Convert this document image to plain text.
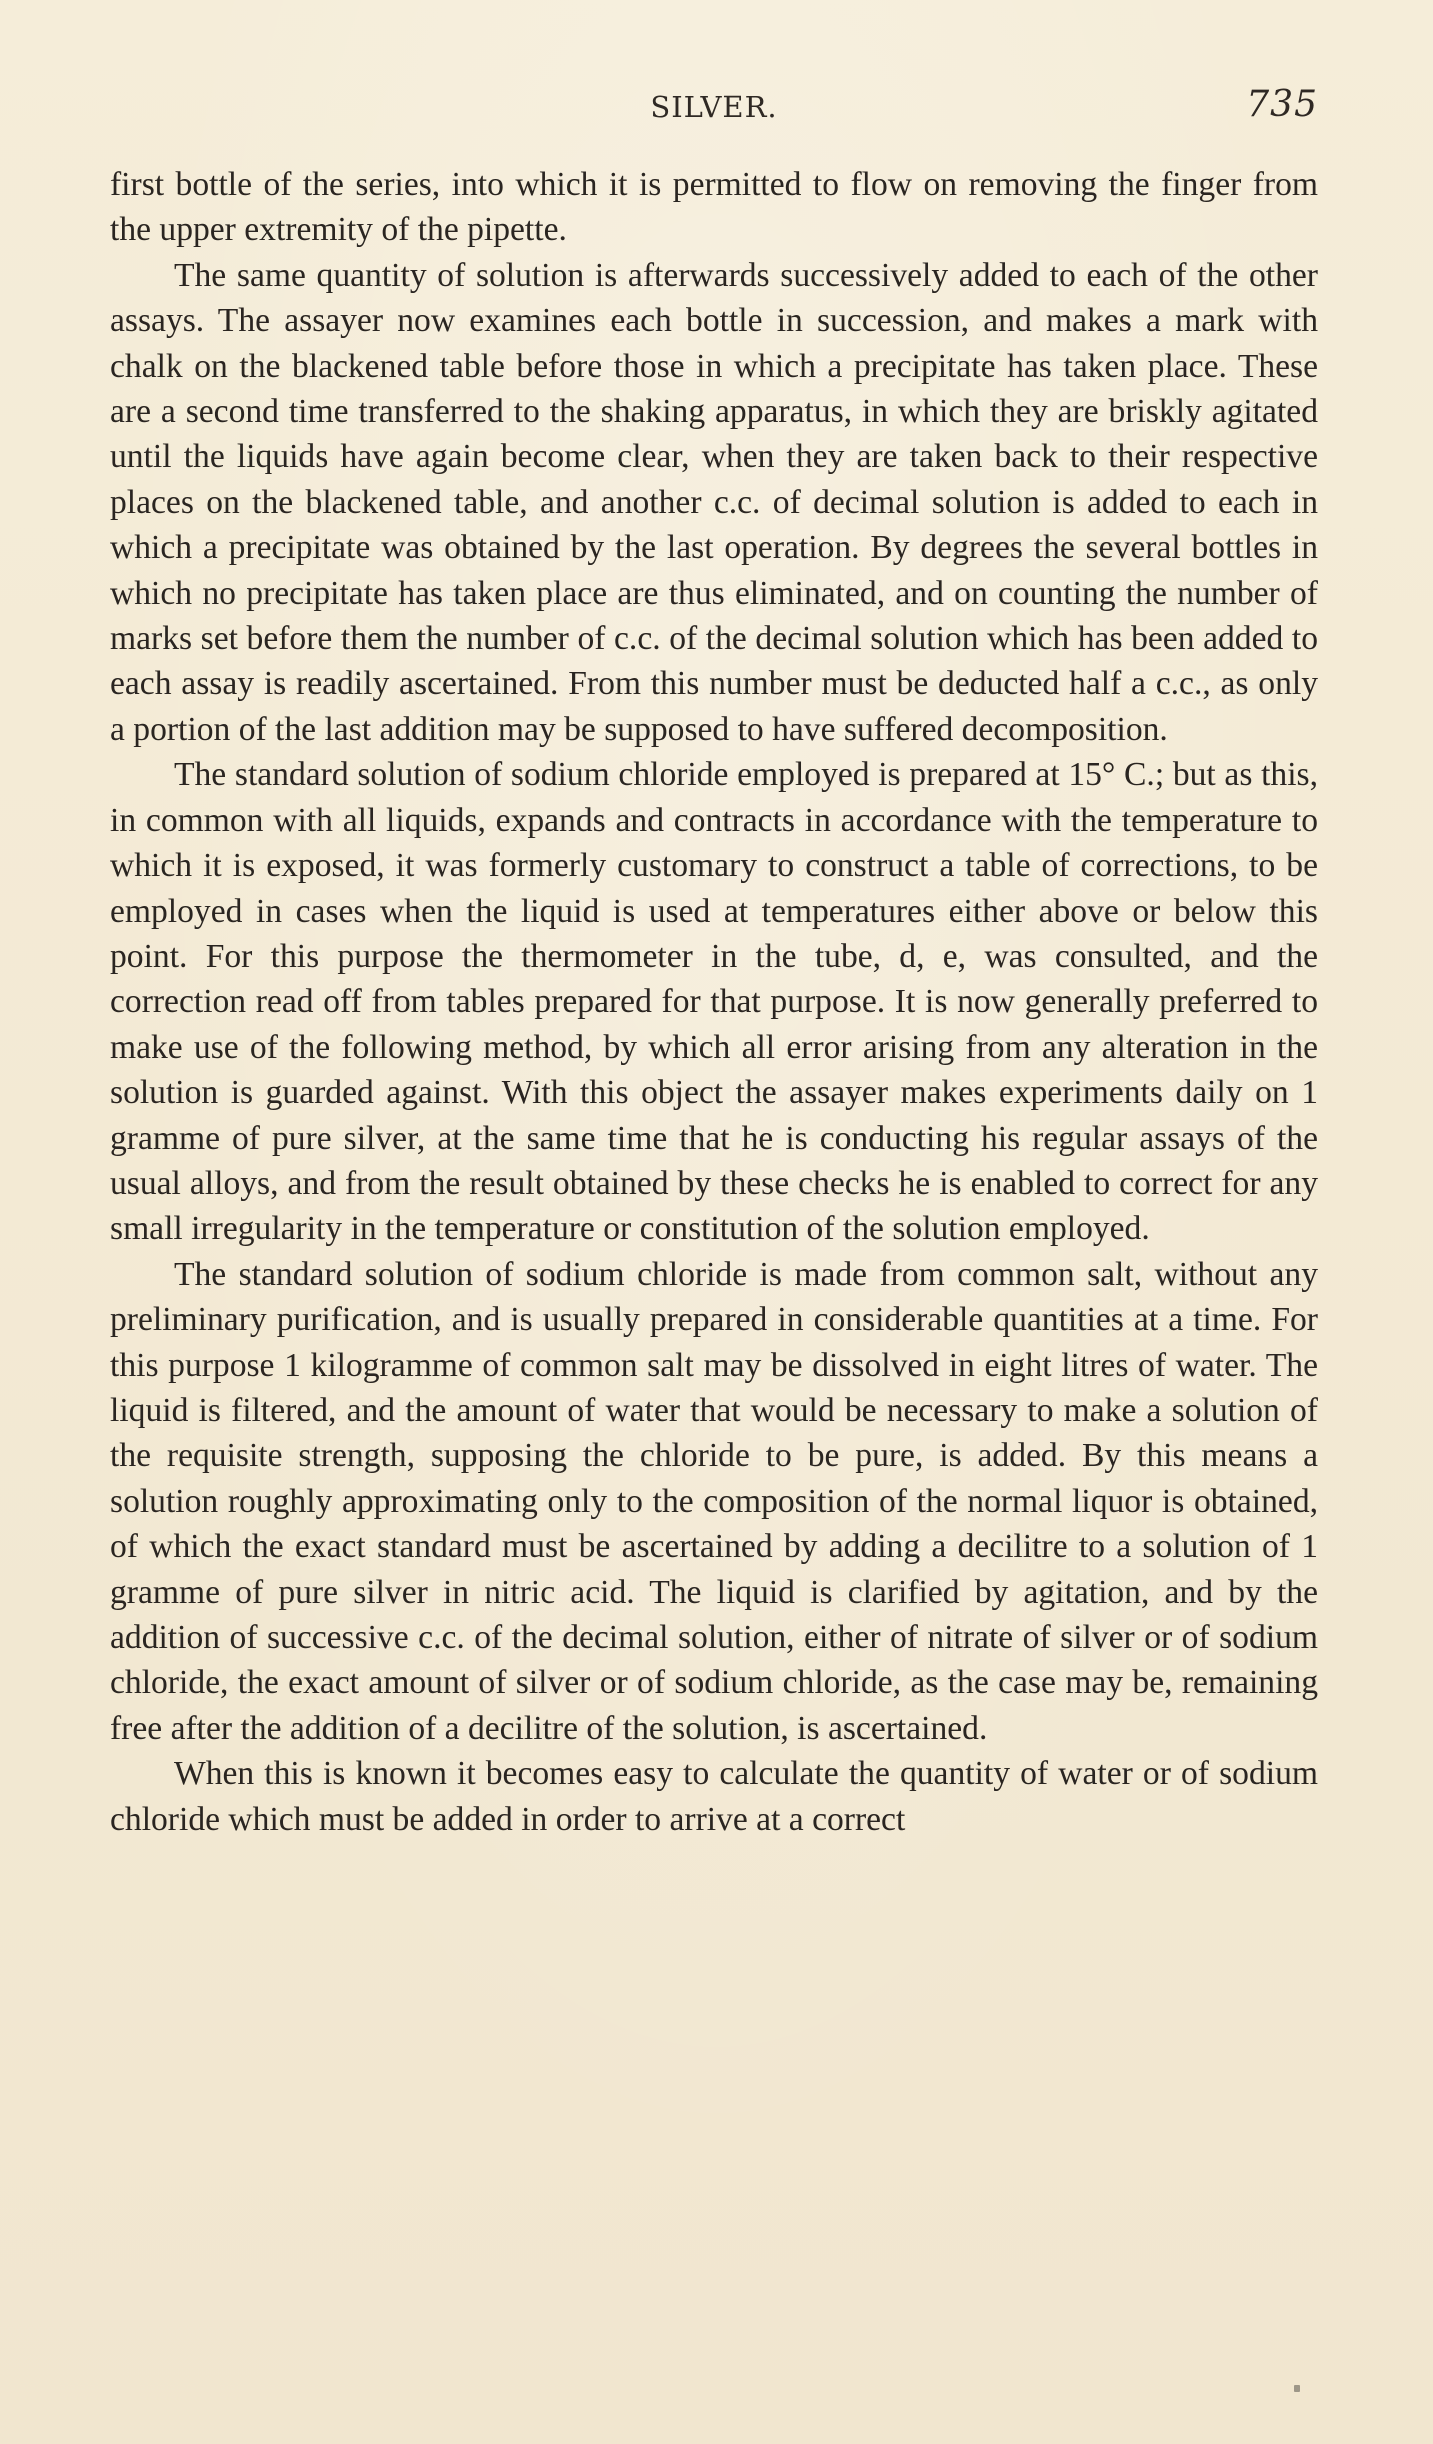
SILVER.	735

first bottle of the series, into which it is permitted to flow on removing the finger from the upper extremity of the pipette.

The same quantity of solution is afterwards successively added to each of the other assays. The assayer now examines each bottle in succession, and makes a mark with chalk on the blackened table before those in which a precipitate has taken place. These are a second time transferred to the shaking apparatus, in which they are briskly agitated until the liquids have again become clear, when they are taken back to their respective places on the blackened table, and another c.c. of decimal solution is added to each in which a precipitate was obtained by the last operation. By degrees the several bottles in which no precipitate has taken place are thus eliminated, and on counting the number of marks set before them the number of c.c. of the decimal solution which has been added to each assay is readily ascertained. From this number must be deducted half a c.c., as only a portion of the last addition may be supposed to have suffered decomposition.

The standard solution of sodium chloride employed is prepared at 15° C.; but as this, in common with all liquids, expands and contracts in accordance with the temperature to which it is exposed, it was formerly customary to construct a table of corrections, to be employed in cases when the liquid is used at temperatures either above or below this point. For this purpose the thermometer in the tube, d, e, was consulted, and the correction read off from tables prepared for that purpose. It is now generally preferred to make use of the following method, by which all error arising from any alteration in the solution is guarded against. With this object the assayer makes experiments daily on 1 gramme of pure silver, at the same time that he is conducting his regular assays of the usual alloys, and from the result obtained by these checks he is enabled to correct for any small irregularity in the temperature or constitution of the solution employed.

The standard solution of sodium chloride is made from common salt, without any preliminary purification, and is usually prepared in considerable quantities at a time. For this purpose 1 kilogramme of common salt may be dissolved in eight litres of water. The liquid is filtered, and the amount of water that would be necessary to make a solution of the requisite strength, supposing the chloride to be pure, is added. By this means a solution roughly approximating only to the composition of the normal liquor is obtained, of which the exact standard must be ascertained by adding a decilitre to a solution of 1 gramme of pure silver in nitric acid. The liquid is clarified by agitation, and by the addition of successive c.c. of the decimal solution, either of nitrate of silver or of sodium chloride, the exact amount of silver or of sodium chloride, as the case may be, remaining free after the addition of a decilitre of the solution, is ascertained.

When this is known it becomes easy to calculate the quantity of water or of sodium chloride which must be added in order to arrive at a correct
